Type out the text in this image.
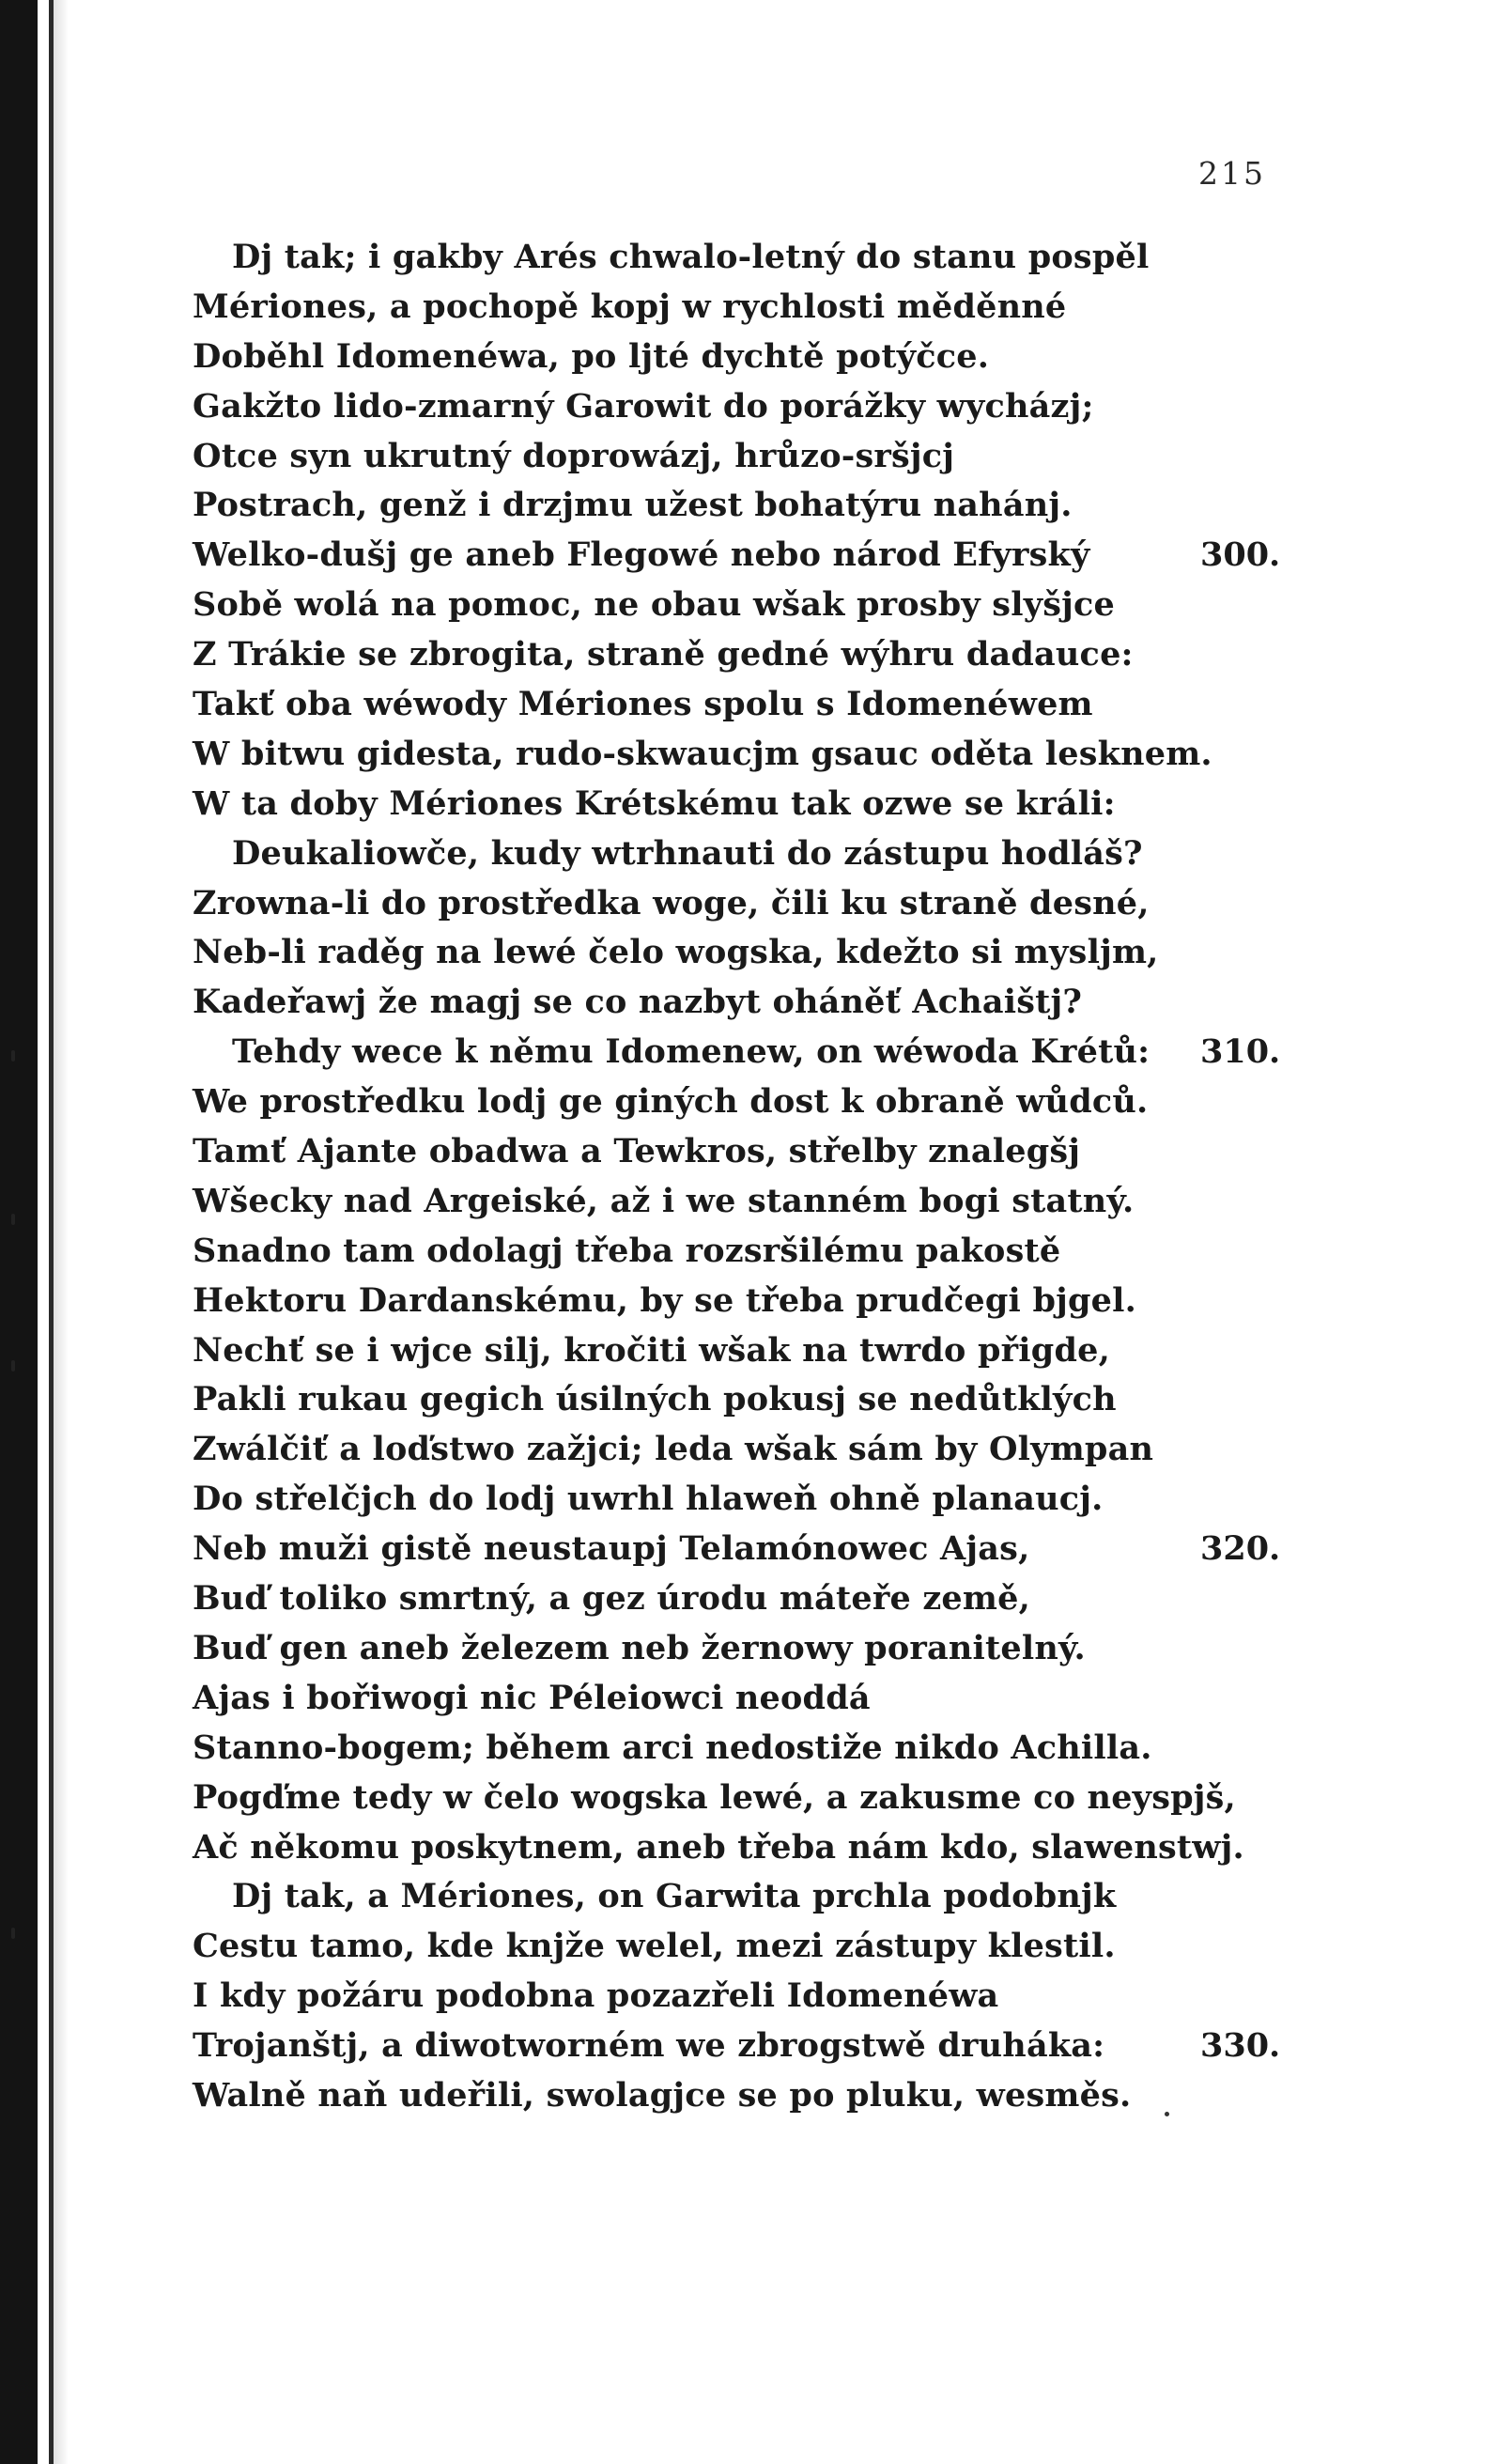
215
Dj tak; i gakby Arés chwalo-letný do stanu pospěl
Mériones, a pochopě kopj w rychlosti měděnné
Doběhl Idomenéwa, po ljté dychtě potýčce.
Gakžto lido-zmarný Garowit do porážky wycházj;
Otce syn ukrutný doprowázj, hrůzo-sršjcj
Postrach, genž i drzjmu užest bohatýru nahánj.
Welko-dušj ge aneb Flegowé nebo národ Efyrský
Sobě wolá na pomoc, ne obau wšak prosby slyšjce
Z Trákie se zbrogita, straně gedné wýhru dadauce:
Takť oba wéwody Mériones spolu s Idomenéwem
W bitwu gidesta, rudo-skwaucjm gsauc oděta lesknem.
W ta doby Mériones Krétskému tak ozwe se králi:
Deukaliowče, kudy wtrhnauti do zástupu hodláš?
Zrowna-li do prostředka woge, čili ku straně desné,
Neb-li raděg na lewé čelo wogska, kdežto si myslјm,
Kadeřawj že magj se co nazbyt oháněť Achaištj?
Tehdy wece k němu Idomenew, on wéwoda Krétů:
We prostředku lodj ge giných dost k obraně wůdců.
Tamť Ajante obadwa a Tewkros, střelby znalegšj
Wšecky nad Argeiské, až i we stanném bogi statný.
Snadno tam odolagj třeba rozsršilému pakostě
Hektoru Dardanskému, by se třeba prudčegi bjgel.
Nechť se i wjce silj, kročiti wšak na twrdo přigde,
Pakli rukau gegich úsilných pokusj se nedůtklých
Zwálčiť a loďstwo zažjci; leda wšak sám by Olympan
Do střelčjch do lodj uwrhl hlaweň ohně planaucj.
Neb muži gistě neustaupj Telamónowec Ajas,
Buď toliko smrtný, a gez úrodu máteře země,
Buď gen aneb železem neb žernowy poranitelný.
Ajas i bořiwogi nic Péleiowci neoddá
Stanno-bogem; během arci nedostiže nikdo Achilla.
Pogďme tedy w čelo wogska lewé, a zakusme co neyspjš,
Ač někomu poskytnem, aneb třeba nám kdo, slawenstwj.
Dj tak, a Mériones, on Garwita prchla podobnjk
Cestu tamo, kde knjže welel, mezi zástupy klestil.
I kdy požáru podobna pozazřeli Idomenéwa
Trojanštj, a diwotworném we zbrogstwě druháka:
Walně naň udeřili, swolagjce se po pluku, wesměs.
300.
310.
320.
330.
